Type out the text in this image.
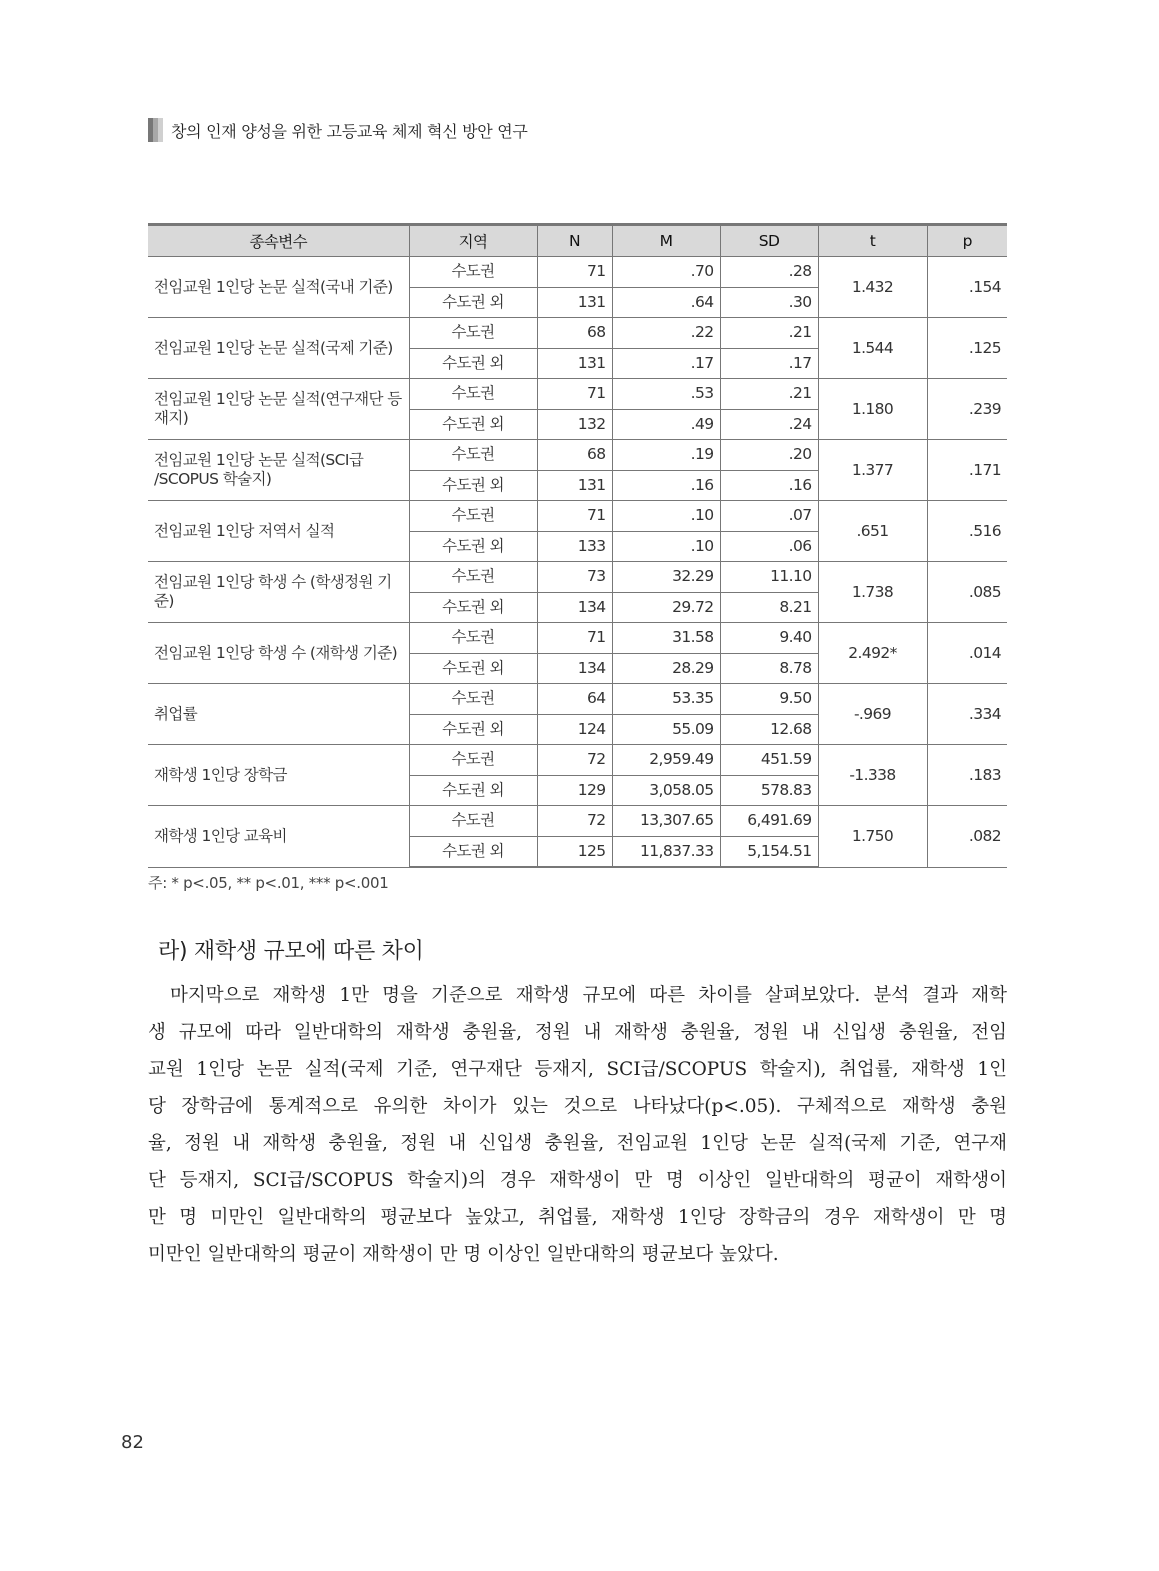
창의 인재 양성을 위한 고등교육 체제 혁신 방안 연구
종속변수	지역	N	M	SD	t	p
전임교원 1인당 논문 실적(국내 기준)	수도권	71	.70	.28	1.432	.154
	수도권 외	131	.64	.30		
전임교원 1인당 논문 실적(국제 기준)	수도권	68	.22	.21	1.544	.125
	수도권 외	131	.17	.17		
전임교원 1인당 논문 실적(연구재단 등재지)	수도권	71	.53	.21	1.180	.239
	수도권 외	132	.49	.24		
전임교원 1인당 논문 실적(SCI급 /SCOPUS 학술지)	수도권	68	.19	.20	1.377	.171
	수도권 외	131	.16	.16		
전임교원 1인당 저역서 실적	수도권	71	.10	.07	.651	.516
	수도권 외	133	.10	.06		
전임교원 1인당 학생 수 (학생정원 기준)	수도권	73	32.29	11.10	1.738	.085
	수도권 외	134	29.72	8.21		
전임교원 1인당 학생 수 (재학생 기준)	수도권	71	31.58	9.40	2.492*	.014
	수도권 외	134	28.29	8.78		
취업률	수도권	64	53.35	9.50	-.969	.334
	수도권 외	124	55.09	12.68		
재학생 1인당 장학금	수도권	72	2,959.49	451.59	-1.338	.183
	수도권 외	129	3,058.05	578.83		
재학생 1인당 교육비	수도권	72	13,307.65	6,491.69	1.750	.082
	수도권 외	125	11,837.33	5,154.51		
주: * p<.05, ** p<.01, *** p<.001
라) 재학생 규모에 따른 차이
마지막으로 재학생 1만 명을 기준으로 재학생 규모에 따른 차이를 살펴보았다. 분석 결과 재학
생 규모에 따라 일반대학의 재학생 충원율, 정원 내 재학생 충원율, 정원 내 신입생 충원율, 전임
교원 1인당 논문 실적(국제 기준, 연구재단 등재지, SCI급/SCOPUS 학술지), 취업률, 재학생 1인
당 장학금에 통계적으로 유의한 차이가 있는 것으로 나타났다(p<.05). 구체적으로 재학생 충원
율, 정원 내 재학생 충원율, 정원 내 신입생 충원율, 전임교원 1인당 논문 실적(국제 기준, 연구재
단 등재지, SCI급/SCOPUS 학술지)의 경우 재학생이 만 명 이상인 일반대학의 평균이 재학생이
만 명 미만인 일반대학의 평균보다 높았고, 취업률, 재학생 1인당 장학금의 경우 재학생이 만 명
미만인 일반대학의 평균이 재학생이 만 명 이상인 일반대학의 평균보다 높았다.
82
